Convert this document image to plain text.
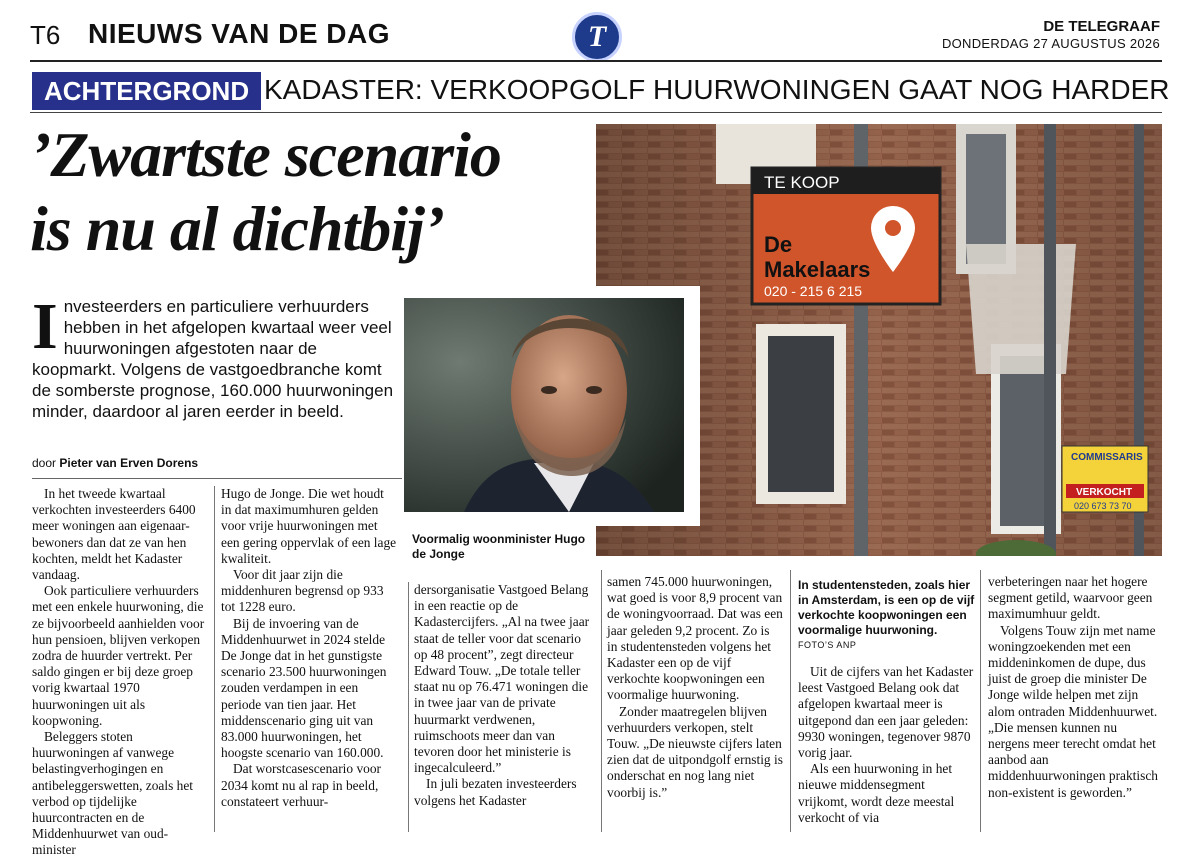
T6 NIEUWS VAN DE DAG	T	DE TELEGRAAF
DONDERDAG 27 AUGUSTUS 2026
ACHTERGROND KADASTER: VERKOOPGOLF HUURWONINGEN GAAT NOG HARDER
’Zwartste scenario
is nu al dichtbij’
TE KOOP
De
Makelaars
020 - 215 6 215
COMMISSARIS
VERKOCHT
020 673 73 70
Investeerders en particuliere verhuurders hebben in het afgelopen kwartaal weer veel huurwoningen afgestoten naar de koopmarkt. Volgens de vastgoedbranche komt de somberste prognose, 160.000 huurwoningen minder, daardoor al jaren eerder in beeld.
door Pieter van Erven Dorens
Voormalig woonminister Hugo de Jonge

In het tweede kwartaal verkochten investeerders 6400 meer woningen aan eigenaar-bewoners dan dat ze van hen kochten, meldt het Kadaster vandaag.

Ook particuliere verhuurders met een enkele huurwoning, die ze bijvoorbeeld aanhielden voor hun pensioen, blijven verkopen zodra de huurder vertrekt. Per saldo gingen er bij deze groep vorig kwartaal 1970 huurwoningen uit als koopwoning.

Beleggers stoten huurwoningen af vanwege belastingverhogingen en antibeleggerswetten, zoals het verbod op tijdelijke huurcontracten en de Middenhuurwet van oud-minister

Hugo de Jonge. Die wet houdt in dat maximumhuren gelden voor vrije huurwoningen met een gering oppervlak of een lage kwaliteit.

Voor dit jaar zijn die middenhuren begrensd op 933 tot 1228 euro.

Bij de invoering van de Middenhuurwet in 2024 stelde De Jonge dat in het gunstigste scenario 23.500 huurwoningen zouden verdampen in een periode van tien jaar. Het middenscenario ging uit van 83.000 huurwoningen, het hoogste scenario van 160.000.

Dat worstcasescenario voor 2034 komt nu al rap in beeld, constateert verhuur-

dersorganisatie Vastgoed Belang in een reactie op de Kadastercijfers. „Al na twee jaar staat de teller voor dat scenario op 48 procent”, zegt directeur Edward Touw. „De totale teller staat nu op 76.471 woningen die in twee jaar van de private huurmarkt verdwenen, ruimschoots meer dan van tevoren door het ministerie is ingecalculeerd.”

In juli bezaten investeerders volgens het Kadaster

samen 745.000 huurwoningen, wat goed is voor 8,9 procent van de woningvoorraad. Dat was een jaar geleden 9,2 procent. Zo is in studentensteden volgens het Kadaster een op de vijf verkochte koopwoningen een voormalige huurwoning.

Zonder maatregelen blijven verhuurders verkopen, stelt Touw. „De nieuwste cijfers laten zien dat de uitpondgolf ernstig is onderschat en nog lang niet voorbij is.”

In studentensteden, zoals hier in Amsterdam, is een op de vijf verkochte koopwoningen een voormalige huurwoning.
FOTO’S ANP

Uit de cijfers van het Kadaster leest Vastgoed Belang ook dat afgelopen kwartaal meer is uitgepond dan een jaar geleden: 9930 woningen, tegenover 9870 vorig jaar.

Als een huurwoning in het nieuwe middensegment vrijkomt, wordt deze meestal verkocht of via

verbeteringen naar het hogere segment getild, waarvoor geen maximumhuur geldt.

Volgens Touw zijn met name woningzoekenden met een middeninkomen de dupe, dus juist de groep die minister De Jonge wilde helpen met zijn alom ontraden Middenhuurwet. „Die mensen kunnen nu nergens meer terecht omdat het aanbod aan middenhuurwoningen praktisch non-existent is geworden.”
